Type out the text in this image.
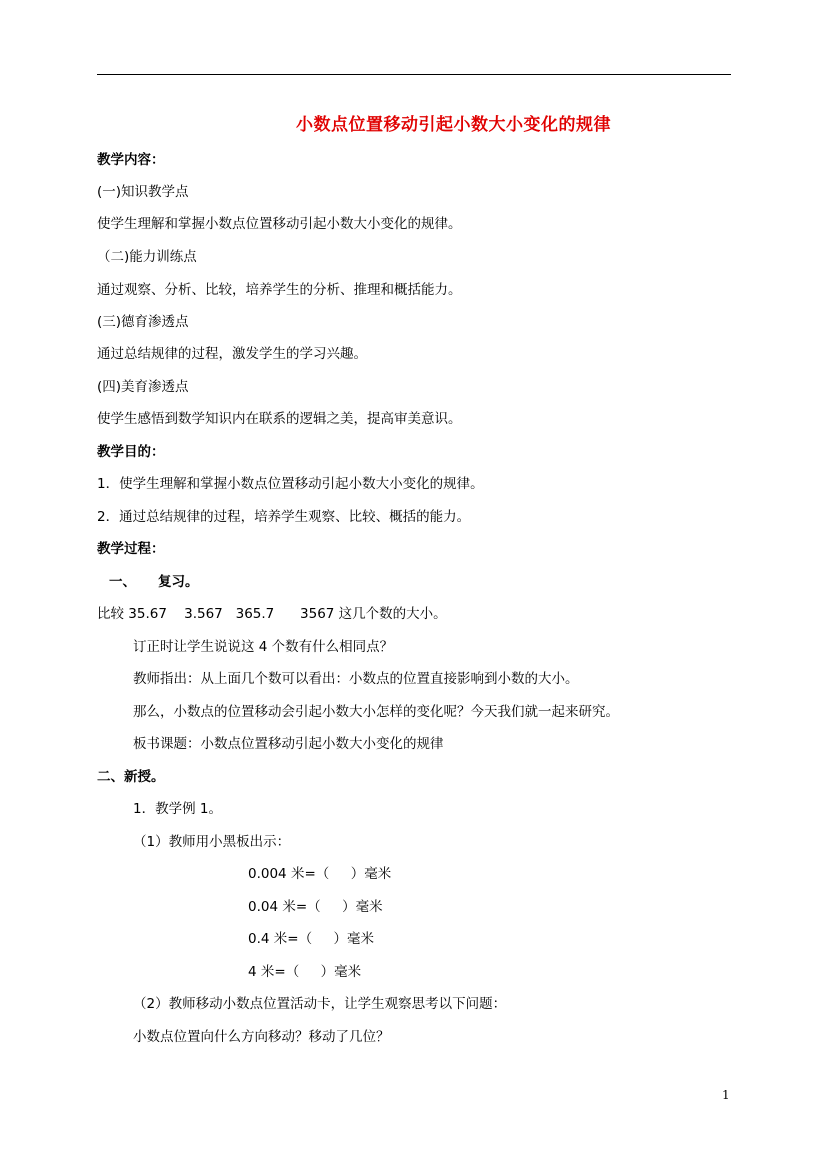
小数点位置移动引起小数大小变化的规律
教学内容：
(一)知识教学点
使学生理解和掌握小数点位置移动引起小数大小变化的规律。
（二)能力训练点
通过观察、分析、比较，培养学生的分析、推理和概括能力。
(三)德育渗透点
通过总结规律的过程，激发学生的学习兴趣。
(四)美育渗透点
使学生感悟到数学知识内在联系的逻辑之美，提高审美意识。
教学目的：
1．使学生理解和掌握小数点位置移动引起小数大小变化的规律。
2．通过总结规律的过程，培养学生观察、比较、概括的能力。
教学过程：
一、 复习。
比较 35.67    3.567   365.7      3567 这几个数的大小。
订正时让学生说说这 4 个数有什么相同点？
教师指出：从上面几个数可以看出：小数点的位置直接影响到小数的大小。
那么，小数点的位置移动会引起小数大小怎样的变化呢？今天我们就一起来研究。
板书课题：小数点位置移动引起小数大小变化的规律
二、新授。
1．教学例 1。
（1）教师用小黑板出示：
0.004 米=（     ）毫米
0.04 米=（     ）毫米
0.4 米=（     ）毫米
4 米=（     ）毫米
（2）教师移动小数点位置活动卡，让学生观察思考以下问题：
小数点位置向什么方向移动？移动了几位？
1
